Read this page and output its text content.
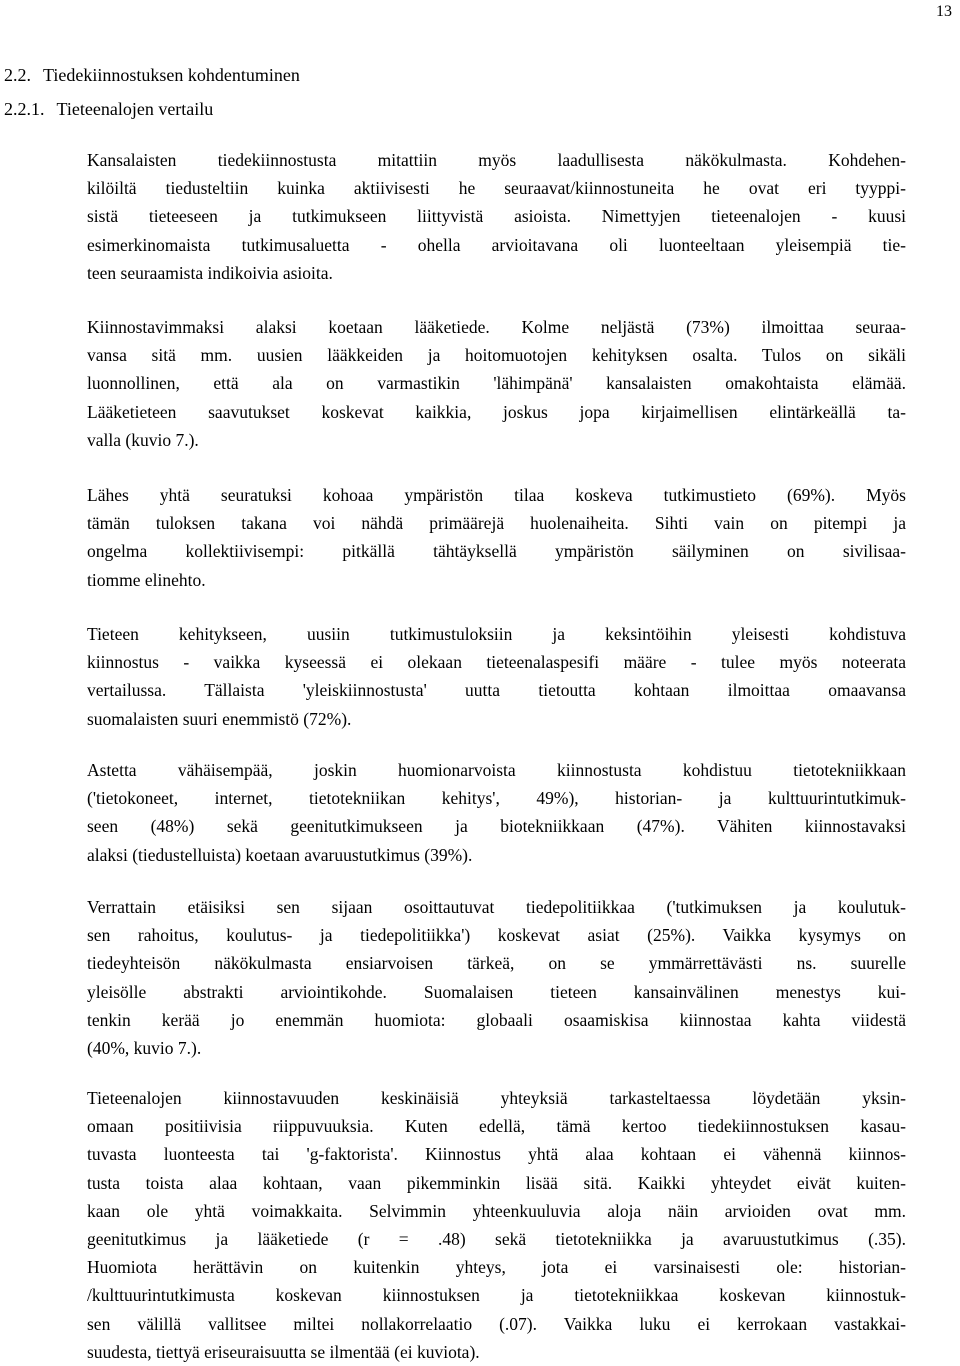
13
2.2. Tiedekiinnostuksen kohdentuminen
2.2.1. Tieteenalojen vertailu
Kansalaisten tiedekiinnostusta mitattiin myös laadullisesta näkökulmasta. Kohdehen-
kilöiltä tiedusteltiin kuinka aktiivisesti he seuraavat/kiinnostuneita he ovat eri tyyppi-
sistä tieteeseen ja tutkimukseen liittyvistä asioista. Nimettyjen tieteenalojen - kuusi
esimerkinomaista tutkimusaluetta - ohella arvioitavana oli luonteeltaan yleisempiä tie-
teen seuraamista indikoivia asioita.
Kiinnostavimmaksi alaksi koetaan lääketiede. Kolme neljästä (73%) ilmoittaa seuraa-
vansa sitä mm. uusien lääkkeiden ja hoitomuotojen kehityksen osalta. Tulos on sikäli
luonnollinen, että ala on varmastikin 'lähimpänä' kansalaisten omakohtaista elämää.
Lääketieteen saavutukset koskevat kaikkia, joskus jopa kirjaimellisen elintärkeällä ta-
valla (kuvio 7.).
Lähes yhtä seuratuksi kohoaa ympäristön tilaa koskeva tutkimustieto (69%). Myös
tämän tuloksen takana voi nähdä primäärejä huolenaiheita. Sihti vain on pitempi ja
ongelma kollektiivisempi: pitkällä tähtäyksellä ympäristön säilyminen on sivilisaa-
tiomme elinehto.
Tieteen kehitykseen, uusiin tutkimustuloksiin ja keksintöihin yleisesti kohdistuva
kiinnostus - vaikka kyseessä ei olekaan tieteenalaspesifi määre - tulee myös noteerata
vertailussa. Tällaista 'yleiskiinnostusta' uutta tietoutta kohtaan ilmoittaa omaavansa
suomalaisten suuri enemmistö (72%).
Astetta vähäisempää, joskin huomionarvoista kiinnostusta kohdistuu tietotekniikkaan
('tietokoneet, internet, tietotekniikan kehitys', 49%), historian- ja kulttuurintutkimuk-
seen (48%) sekä geenitutkimukseen ja biotekniikkaan (47%). Vähiten kiinnostavaksi
alaksi (tiedustelluista) koetaan avaruustutkimus (39%).
Verrattain etäisiksi sen sijaan osoittautuvat tiedepolitiikkaa ('tutkimuksen ja koulutuk-
sen rahoitus, koulutus- ja tiedepolitiikka') koskevat asiat (25%). Vaikka kysymys on
tiedeyhteisön näkökulmasta ensiarvoisen tärkeä, on se ymmärrettävästi ns. suurelle
yleisölle abstrakti arviointikohde. Suomalaisen tieteen kansainvälinen menestys kui-
tenkin kerää jo enemmän huomiota: globaali osaamiskisa kiinnostaa kahta viidestä
(40%, kuvio 7.).
Tieteenalojen kiinnostavuuden keskinäisiä yhteyksiä tarkasteltaessa löydetään yksin-
omaan positiivisia riippuvuuksia. Kuten edellä, tämä kertoo tiedekiinnostuksen kasau-
tuvasta luonteesta tai 'g-faktorista'. Kiinnostus yhtä alaa kohtaan ei vähennä kiinnos-
tusta toista alaa kohtaan, vaan pikemminkin lisää sitä. Kaikki yhteydet eivät kuiten-
kaan ole yhtä voimakkaita. Selvimmin yhteenkuuluvia aloja näin arvioiden ovat mm.
geenitutkimus ja lääketiede (r = .48) sekä tietotekniikka ja avaruustutkimus (.35).
Huomiota herättävin on kuitenkin yhteys, jota ei varsinaisesti ole: historian-
/kulttuurintutkimusta koskevan kiinnostuksen ja tietotekniikkaa koskevan kiinnostuk-
sen välillä vallitsee miltei nollakorrelaatio (.07). Vaikka luku ei kerrokaan vastakkai-
suudesta, tiettyä eriseuraisuutta se ilmentää (ei kuviota).
